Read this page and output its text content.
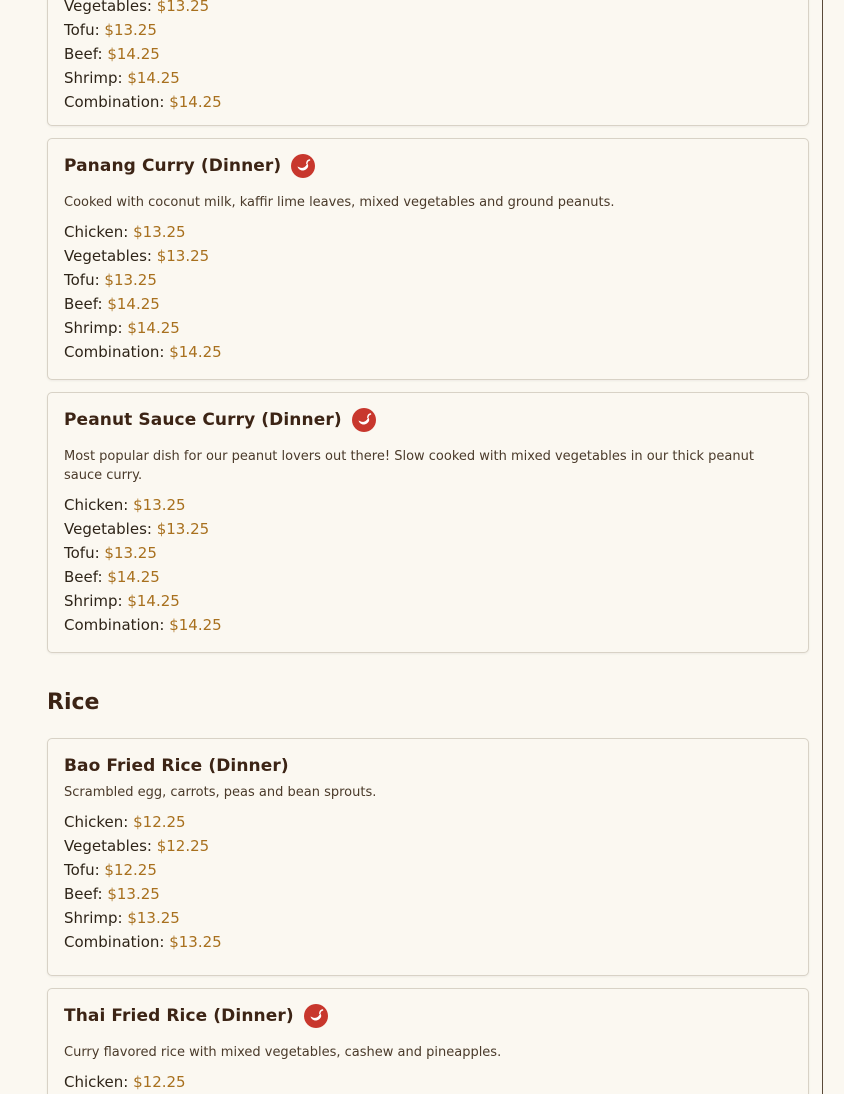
Vegetables: $13.25
Tofu: $13.25
Beef: $14.25
Shrimp: $14.25
Combination: $14.25
Panang Curry (Dinner)

Cooked with coconut milk, kaffir lime leaves, mixed vegetables and ground peanuts.

Chicken: $13.25
Vegetables: $13.25
Tofu: $13.25
Beef: $14.25
Shrimp: $14.25
Combination: $14.25
Peanut Sauce Curry (Dinner)

Most popular dish for our peanut lovers out there! Slow cooked with mixed vegetables in our thick peanut sauce curry.

Chicken: $13.25
Vegetables: $13.25
Tofu: $13.25
Beef: $14.25
Shrimp: $14.25
Combination: $14.25
Rice
Bao Fried Rice (Dinner)

Scrambled egg, carrots, peas and bean sprouts.

Chicken: $12.25
Vegetables: $12.25
Tofu: $12.25
Beef: $13.25
Shrimp: $13.25
Combination: $13.25
Thai Fried Rice (Dinner)

Curry flavored rice with mixed vegetables, cashew and pineapples.

Chicken: $12.25
